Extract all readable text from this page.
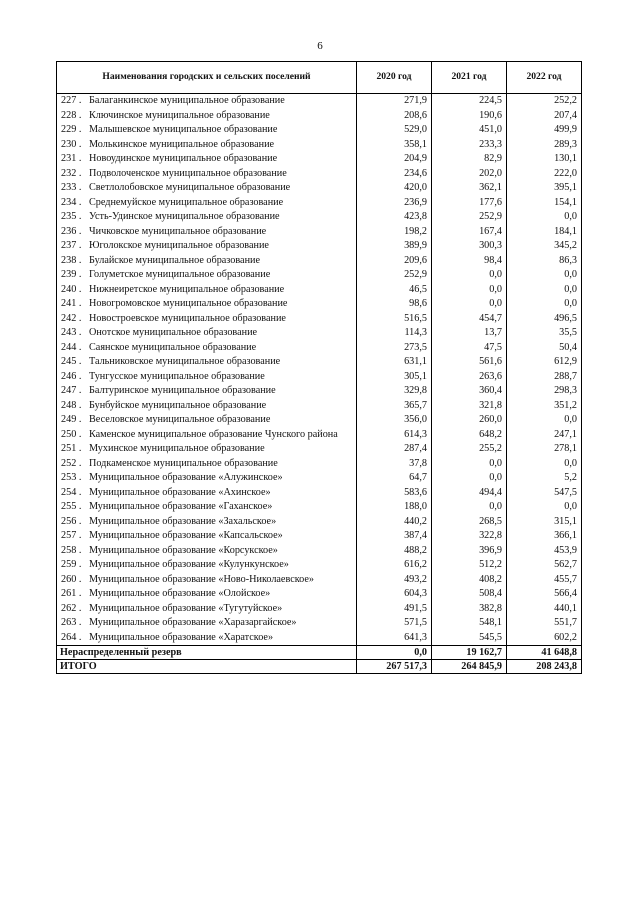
6
Наименования городских и сельских поселений	2020 год	2021 год	2022 год
227 . Балаганкинское муниципальное образование	271,9	224,5	252,2
228 . Ключинское муниципальное образование	208,6	190,6	207,4
229 . Малышевское муниципальное образование	529,0	451,0	499,9
230 . Молькинское муниципальное образование	358,1	233,3	289,3
231 . Новоудинское муниципальное образование	204,9	82,9	130,1
232 . Подволоченское муниципальное образование	234,6	202,0	222,0
233 . Светлолобовское муниципальное образование	420,0	362,1	395,1
234 . Среднемуйское муниципальное образование	236,9	177,6	154,1
235 . Усть-Удинское муниципальное образование	423,8	252,9	0,0
236 . Чичковское муниципальное образование	198,2	167,4	184,1
237 . Юголокское муниципальное образование	389,9	300,3	345,2
238 . Булайское муниципальное образование	209,6	98,4	86,3
239 . Голуметское муниципальное образование	252,9	0,0	0,0
240 . Нижнеиретское муниципальное образование	46,5	0,0	0,0
241 . Новогромовское муниципальное образование	98,6	0,0	0,0
242 . Новостроевское муниципальное образование	516,5	454,7	496,5
243 . Онотское муниципальное образование	114,3	13,7	35,5
244 . Саянское муниципальное образование	273,5	47,5	50,4
245 . Тальниковское муниципальное образование	631,1	561,6	612,9
246 . Тунгусское муниципальное образование	305,1	263,6	288,7
247 . Балтуринское муниципальное образование	329,8	360,4	298,3
248 . Бунбуйское муниципальное образование	365,7	321,8	351,2
249 . Веселовское муниципальное образование	356,0	260,0	0,0
250 . Каменское муниципальное образование Чунского района	614,3	648,2	247,1
251 . Мухинское муниципальное образование	287,4	255,2	278,1
252 . Подкаменское муниципальное образование	37,8	0,0	0,0
253 . Муниципальное образование «Алужинское»	64,7	0,0	5,2
254 . Муниципальное образование «Ахинское»	583,6	494,4	547,5
255 . Муниципальное образование «Гаханское»	188,0	0,0	0,0
256 . Муниципальное образование «Захальское»	440,2	268,5	315,1
257 . Муниципальное образование «Капсальское»	387,4	322,8	366,1
258 . Муниципальное образование «Корсукское»	488,2	396,9	453,9
259 . Муниципальное образование «Кулункунское»	616,2	512,2	562,7
260 . Муниципальное образование «Ново-Николаевское»	493,2	408,2	455,7
261 . Муниципальное образование «Олойское»	604,3	508,4	566,4
262 . Муниципальное образование «Тугутуйское»	491,5	382,8	440,1
263 . Муниципальное образование «Харазаргайское»	571,5	548,1	551,7
264 . Муниципальное образование «Харатское»	641,3	545,5	602,2
Нераспределенный резерв	0,0	19 162,7	41 648,8
ИТОГО	267 517,3	264 845,9	208 243,8
